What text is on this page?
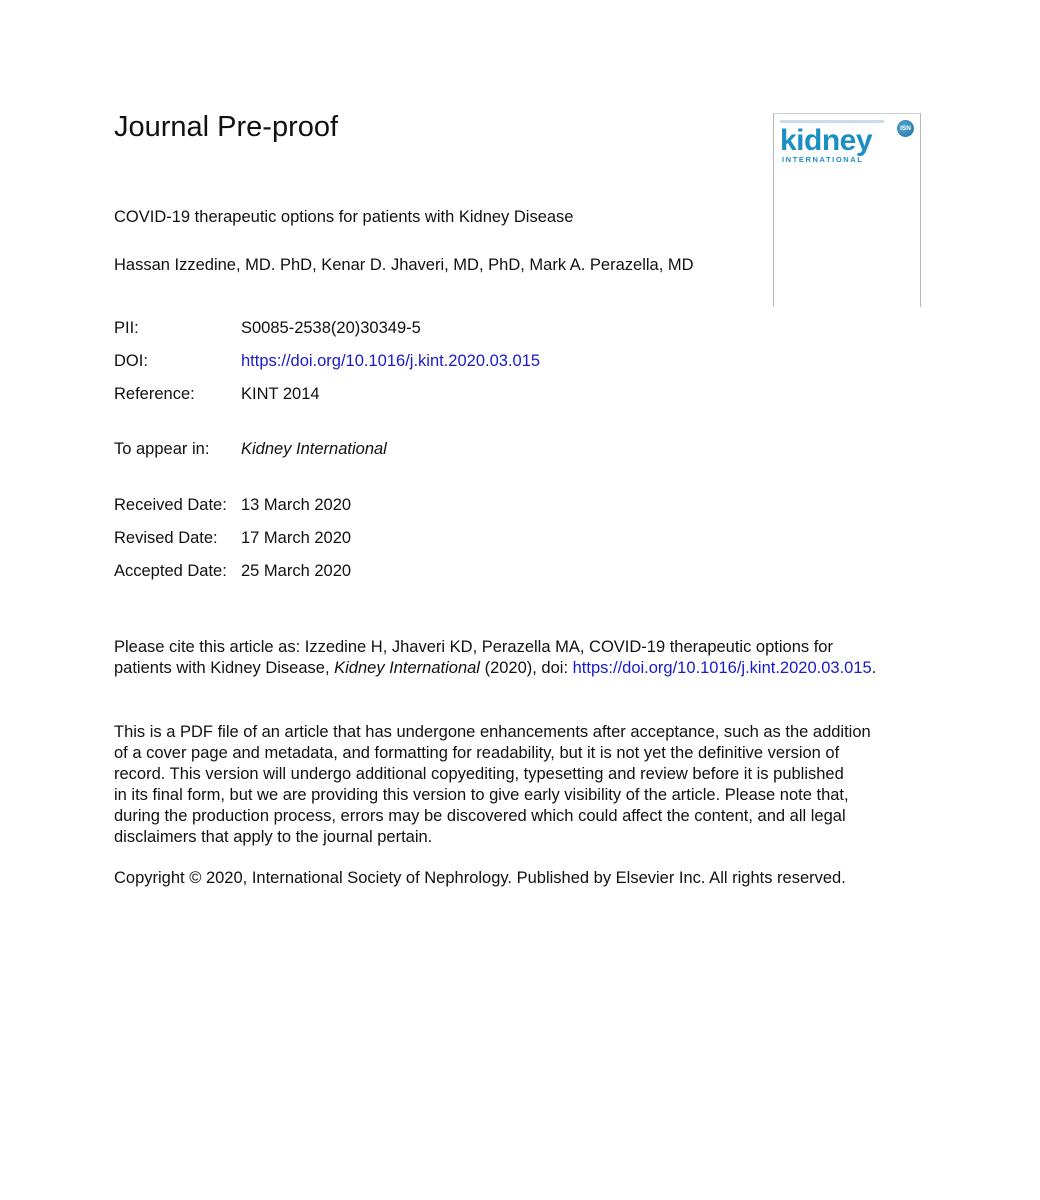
Journal Pre-proof	kidney
INTERNATIONAL
ISN
COVID-19 therapeutic options for patients with Kidney Disease
Hassan Izzedine, MD. PhD, Kenar D. Jhaveri, MD, PhD, Mark A. Perazella, MD
PII:	S0085-2538(20)30349-5
DOI:	https://doi.org/10.1016/j.kint.2020.03.015
Reference:	KINT 2014
To appear in: Kidney International
Received Date: 13 March 2020
Revised Date: 17 March 2020
Accepted Date: 25 March 2020
Please cite this article as: Izzedine H, Jhaveri KD, Perazella MA, COVID-19 therapeutic options for
patients with Kidney Disease, Kidney International (2020), doi: https://doi.org/10.1016/j.kint.2020.03.015.
This is a PDF file of an article that has undergone enhancements after acceptance, such as the addition
of a cover page and metadata, and formatting for readability, but it is not yet the definitive version of
record. This version will undergo additional copyediting, typesetting and review before it is published
in its final form, but we are providing this version to give early visibility of the article. Please note that,
during the production process, errors may be discovered which could affect the content, and all legal
disclaimers that apply to the journal pertain.
Copyright © 2020, International Society of Nephrology. Published by Elsevier Inc. All rights reserved.
